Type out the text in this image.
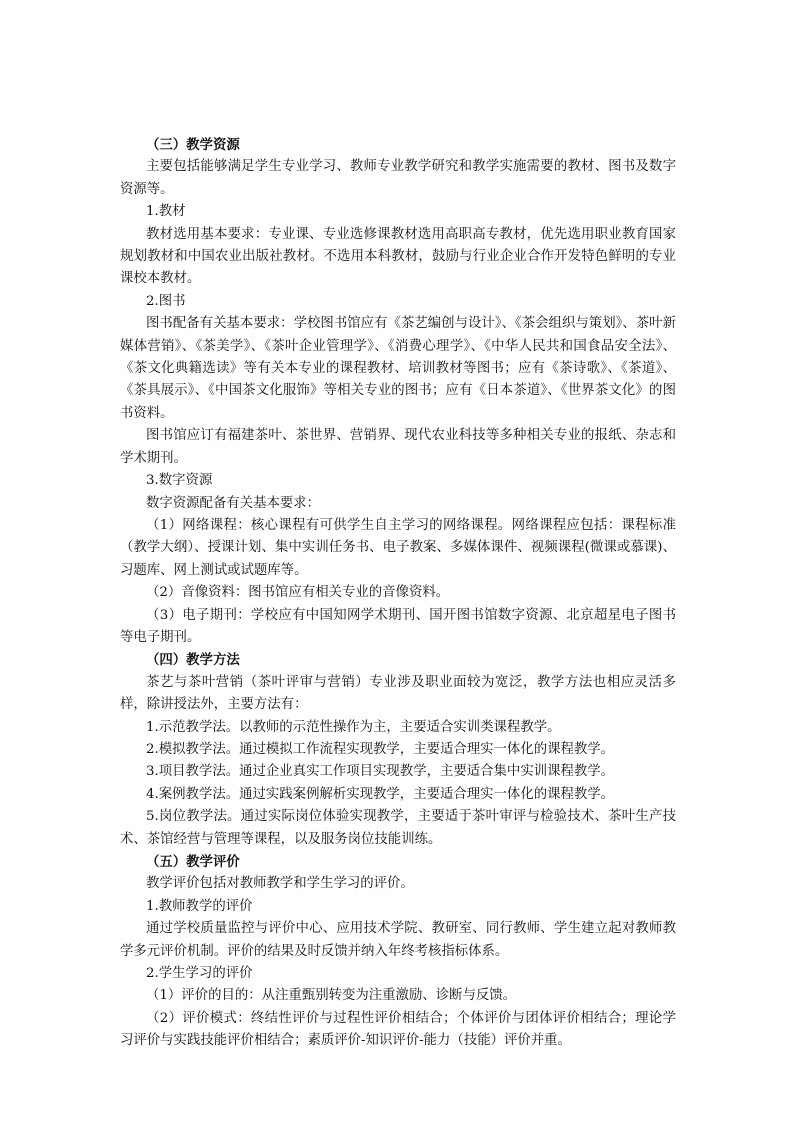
（三）教学资源

主要包括能够满足学生专业学习、教师专业教学研究和教学实施需要的教材、图书及数字资源等。

1.教材

教材选用基本要求：专业课、专业选修课教材选用高职高专教材，优先选用职业教育国家规划教材和中国农业出版社教材。不选用本科教材，鼓励与行业企业合作开发特色鲜明的专业课校本教材。

2.图书

图书配备有关基本要求：学校图书馆应有《茶艺编创与设计》、《茶会组织与策划》、茶叶新媒体营销》、《茶美学》、《茶叶企业管理学》、《消费心理学》、《中华人民共和国食品安全法》、《茶文化典籍选读》等有关本专业的课程教材、培训教材等图书；应有《茶诗歌》、《茶道》、《茶具展示》、《中国茶文化服饰》等相关专业的图书；应有《日本茶道》、《世界茶文化》的图书资料。

图书馆应订有福建茶叶、茶世界、营销界、现代农业科技等多种相关专业的报纸、杂志和学术期刊。

3.数字资源

数字资源配备有关基本要求：

（1）网络课程：核心课程有可供学生自主学习的网络课程。网络课程应包括：课程标准（教学大纲）、授课计划、集中实训任务书、电子教案、多媒体课件、视频课程(微课或慕课)、习题库、网上测试或试题库等。

（2）音像资料：图书馆应有相关专业的音像资料。

（3）电子期刊：学校应有中国知网学术期刊、国开图书馆数字资源、北京超星电子图书等电子期刊。

（四）教学方法

茶艺与茶叶营销（茶叶评审与营销）专业涉及职业面较为宽泛，教学方法也相应灵活多样，除讲授法外，主要方法有：

1.示范教学法。以教师的示范性操作为主，主要适合实训类课程教学。

2.模拟教学法。通过模拟工作流程实现教学，主要适合理实一体化的课程教学。

3.项目教学法。通过企业真实工作项目实现教学，主要适合集中实训课程教学。

4.案例教学法。通过实践案例解析实现教学，主要适合理实一体化的课程教学。

5.岗位教学法。通过实际岗位体验实现教学，主要适于茶叶审评与检验技术、茶叶生产技术、茶馆经营与管理等课程，以及服务岗位技能训练。

（五）教学评价

教学评价包括对教师教学和学生学习的评价。

1.教师教学的评价

通过学校质量监控与评价中心、应用技术学院、教研室、同行教师、学生建立起对教师教学多元评价机制。评价的结果及时反馈并纳入年终考核指标体系。

2.学生学习的评价

（1）评价的目的：从注重甄别转变为注重激励、诊断与反馈。

（2）评价模式：终结性评价与过程性评价相结合；个体评价与团体评价相结合；理论学习评价与实践技能评价相结合；素质评价-知识评价-能力（技能）评价并重。
